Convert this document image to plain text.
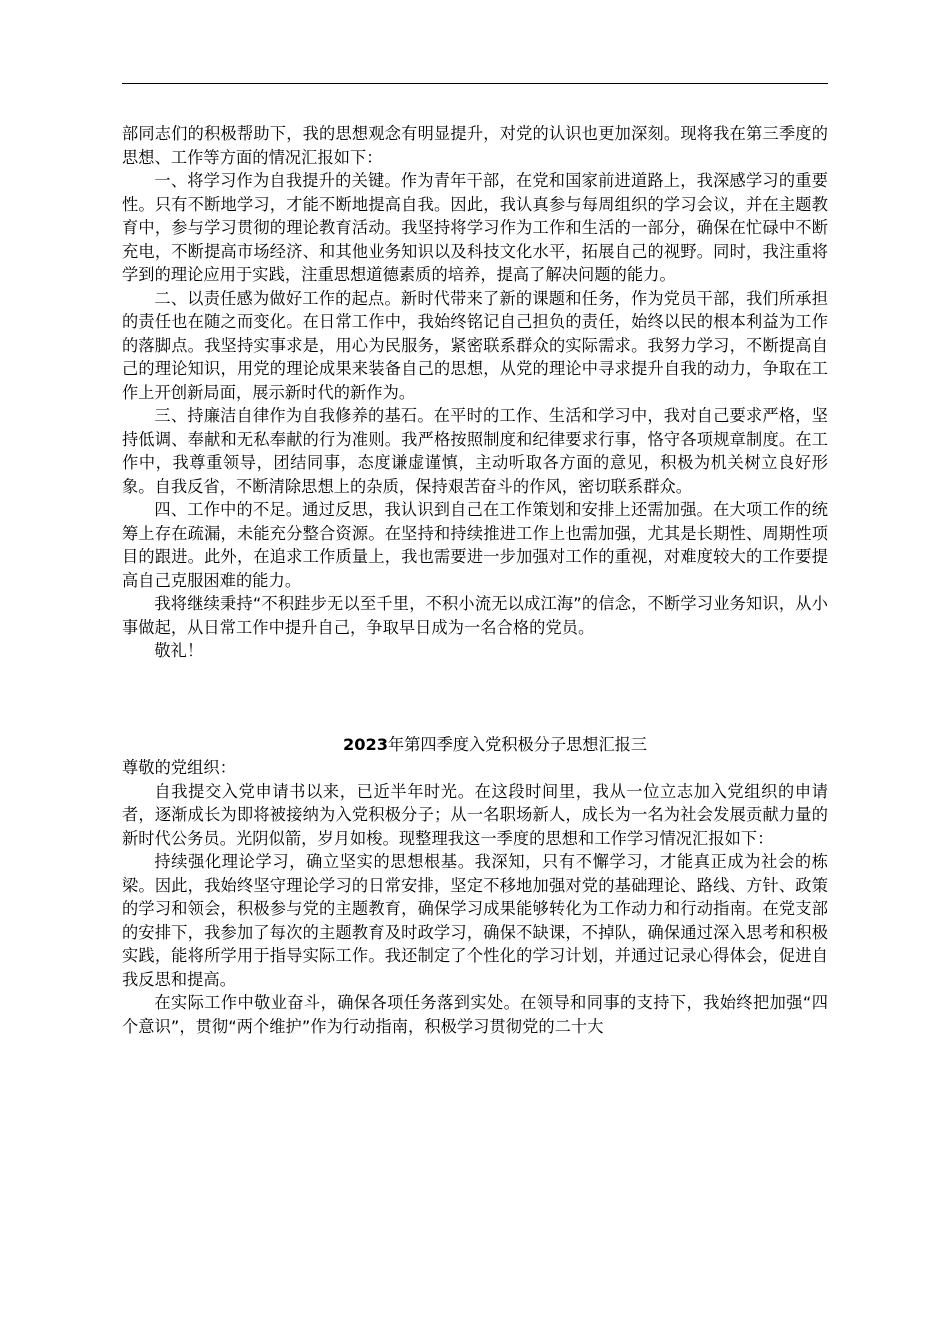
部同志们的积极帮助下，我的思想观念有明显提升，对党的认识也更加深刻。现将我在第三季度的思想、工作等方面的情况汇报如下：

一、将学习作为自我提升的关键。作为青年干部，在党和国家前进道路上，我深感学习的重要性。只有不断地学习，才能不断地提高自我。因此，我认真参与每周组织的学习会议，并在主题教育中，参与学习贯彻的理论教育活动。我坚持将学习作为工作和生活的一部分，确保在忙碌中不断充电，不断提高市场经济、和其他业务知识以及科技文化水平，拓展自己的视野。同时，我注重将学到的理论应用于实践，注重思想道德素质的培养，提高了解决问题的能力。

二、以责任感为做好工作的起点。新时代带来了新的课题和任务，作为党员干部，我们所承担的责任也在随之而变化。在日常工作中，我始终铭记自己担负的责任，始终以民的根本利益为工作的落脚点。我坚持实事求是，用心为民服务，紧密联系群众的实际需求。我努力学习，不断提高自己的理论知识，用党的理论成果来装备自己的思想，从党的理论中寻求提升自我的动力，争取在工作上开创新局面，展示新时代的新作为。

三、持廉洁自律作为自我修养的基石。在平时的工作、生活和学习中，我对自己要求严格，坚持低调、奉献和无私奉献的行为准则。我严格按照制度和纪律要求行事，恪守各项规章制度。在工作中，我尊重领导，团结同事，态度谦虚谨慎，主动听取各方面的意见，积极为机关树立良好形象。自我反省，不断清除思想上的杂质，保持艰苦奋斗的作风，密切联系群众。

四、工作中的不足。通过反思，我认识到自己在工作策划和安排上还需加强。在大项工作的统筹上存在疏漏，未能充分整合资源。在坚持和持续推进工作上也需加强，尤其是长期性、周期性项目的跟进。此外，在追求工作质量上，我也需要进一步加强对工作的重视，对难度较大的工作要提高自己克服困难的能力。

我将继续秉持“不积跬步无以至千里，不积小流无以成江海”的信念，不断学习业务知识，从小事做起，从日常工作中提升自己，争取早日成为一名合格的党员。

敬礼！

2023年第四季度入党积极分子思想汇报三

尊敬的党组织：

自我提交入党申请书以来，已近半年时光。在这段时间里，我从一位立志加入党组织的申请者，逐渐成长为即将被接纳为入党积极分子；从一名职场新人，成长为一名为社会发展贡献力量的新时代公务员。光阴似箭，岁月如梭。现整理我这一季度的思想和工作学习情况汇报如下：

持续强化理论学习，确立坚实的思想根基。我深知，只有不懈学习，才能真正成为社会的栋梁。因此，我始终坚守理论学习的日常安排，坚定不移地加强对党的基础理论、路线、方针、政策的学习和领会，积极参与党的主题教育，确保学习成果能够转化为工作动力和行动指南。在党支部的安排下，我参加了每次的主题教育及时政学习，确保不缺课，不掉队，确保通过深入思考和积极实践，能将所学用于指导实际工作。我还制定了个性化的学习计划，并通过记录心得体会，促进自我反思和提高。

在实际工作中敬业奋斗，确保各项任务落到实处。在领导和同事的支持下，我始终把加强“四个意识”，贯彻“两个维护”作为行动指南，积极学习贯彻党的二十大
